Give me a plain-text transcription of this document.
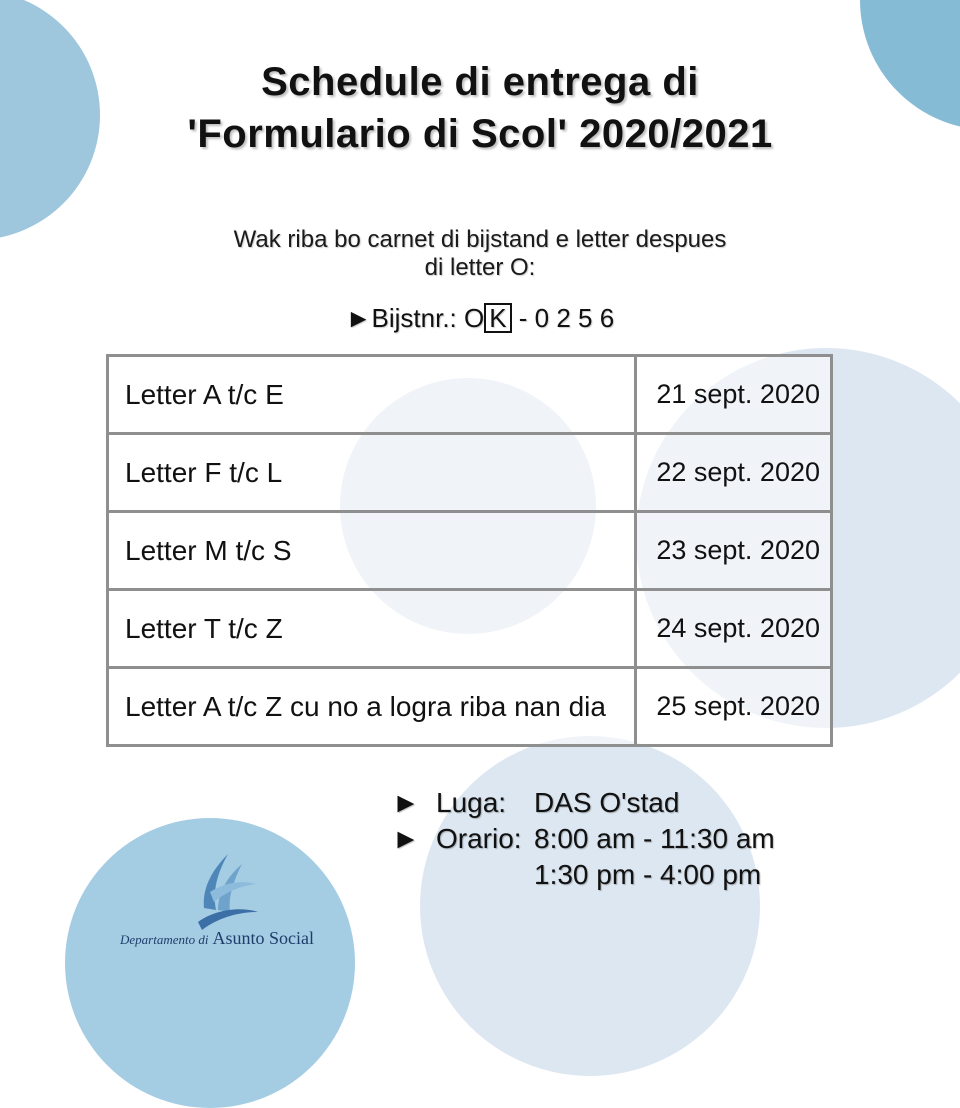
Schedule di entrega di
'Formulario di Scol' 2020/2021
Wak riba bo carnet di bijstand e letter despues
di letter O:
►Bijstnr.: O K - 0 2 5 6
Letter A t/c E	21 sept. 2020
Letter F t/c L	22 sept. 2020
Letter M t/c S	23 sept. 2020
Letter T t/c Z	24 sept. 2020
Letter A t/c Z cu no a logra riba nan dia	25 sept. 2020
► Luga: DAS O'stad
► Orario: 8:00 am - 11:30 am
1:30 pm - 4:00 pm
Departamento di Asunto Social
